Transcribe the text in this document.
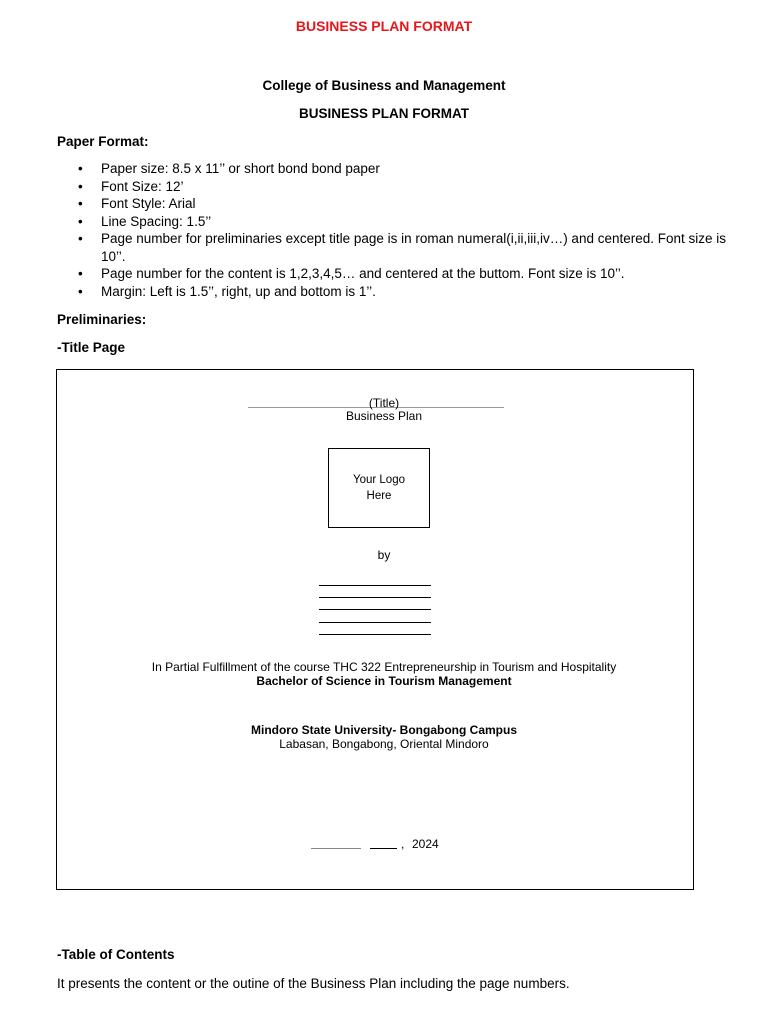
BUSINESS PLAN FORMAT
College of Business and Management
BUSINESS PLAN FORMAT
Paper Format:
• Paper size: 8.5 x 11’’ or short bond bond paper
• Font Size: 12’
• Font Style: Arial
• Line Spacing: 1.5’’
• Page number for preliminaries except title page is in roman numeral(i,ii,iii,iv…) and centered. Font size is 10’’.
• Page number for the content is 1,2,3,4,5… and centered at the buttom. Font size is 10’’.
• Margin: Left is 1.5’’, right, up and bottom is 1’’.
Preliminaries:
-Title Page
(Title)
Business Plan
Your Logo
Here
by
In Partial Fulfillment of the course THC 322 Entrepreneurship in Tourism and Hospitality
Bachelor of Science in Tourism Management
Mindoro State University- Bongabong Campus
Labasan, Bongabong, Oriental Mindoro
, 2024
-Table of Contents
It presents the content or the outine of the Business Plan including the page numbers.
